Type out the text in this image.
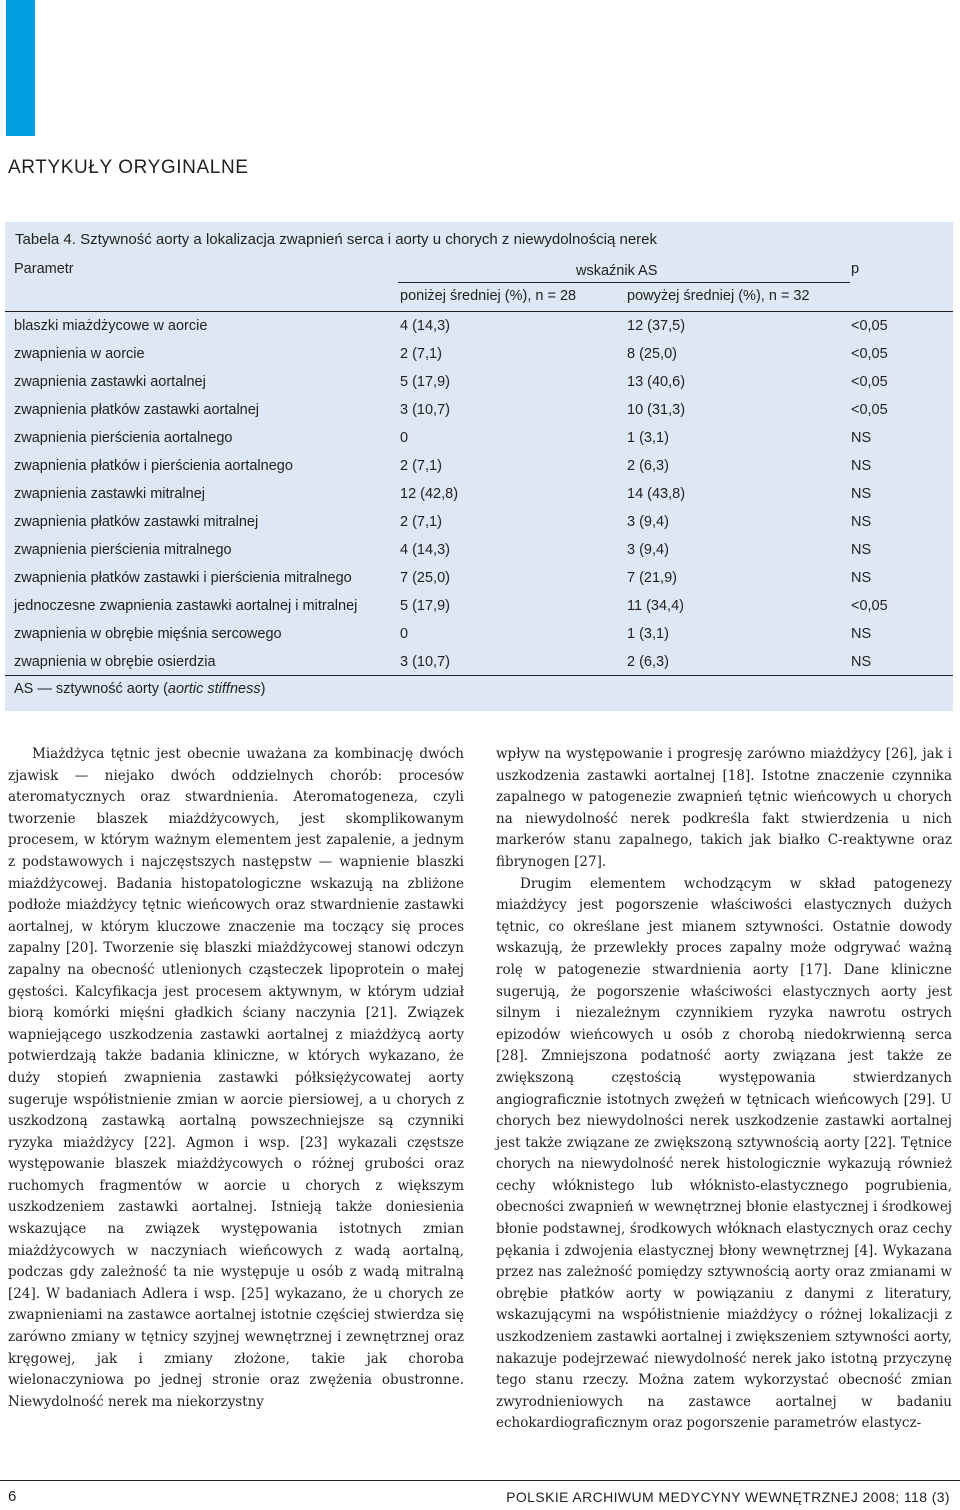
ARTYKUŁY ORYGINALNE
Tabela 4. Sztywność aorty a lokalizacja zwapnień serca i aorty u chorych z niewydolnością nerek
Parametr	wskaźnik AS	p
poniżej średniej (%), n = 28	powyżej średniej (%), n = 32
blaszki miażdżycowe w aorcie	4 (14,3)	12 (37,5)	<0,05
zwapnienia w aorcie	2 (7,1)	8 (25,0)	<0,05
zwapnienia zastawki aortalnej	5 (17,9)	13 (40,6)	<0,05
zwapnienia płatków zastawki aortalnej	3 (10,7)	10 (31,3)	<0,05
zwapnienia pierścienia aortalnego	0	1 (3,1)	NS
zwapnienia płatków i pierścienia aortalnego	2 (7,1)	2 (6,3)	NS
zwapnienia zastawki mitralnej	12 (42,8)	14 (43,8)	NS
zwapnienia płatków zastawki mitralnej	2 (7,1)	3 (9,4)	NS
zwapnienia pierścienia mitralnego	4 (14,3)	3 (9,4)	NS
zwapnienia płatków zastawki i pierścienia mitralnego	7 (25,0)	7 (21,9)	NS
jednoczesne zwapnienia zastawki aortalnej i mitralnej	5 (17,9)	11 (34,4)	<0,05
zwapnienia w obrębie mięśnia sercowego	0	1 (3,1)	NS
zwapnienia w obrębie osierdzia	3 (10,7)	2 (6,3)	NS
AS — sztywność aorty (aortic stiffness)

Miażdżyca tętnic jest obecnie uważana za kombinację dwóch zjawisk — niejako dwóch oddzielnych chorób: procesów ateromatycznych oraz stwardnienia. Ateromatogeneza, czyli tworzenie blaszek miażdżycowych, jest skomplikowanym procesem, w którym ważnym elementem jest zapalenie, a jednym z podstawowych i najczęstszych następstw — wapnienie blaszki miażdżycowej. Badania histopatologiczne wskazują na zbliżone podłoże miażdżycy tętnic wieńcowych oraz stwardnienie zastawki aortalnej, w którym kluczowe znaczenie ma toczący się proces zapalny [20]. Tworzenie się blaszki miażdżycowej stanowi odczyn zapalny na obecność utlenionych cząsteczek lipoprotein o małej gęstości. Kalcyfikacja jest procesem aktywnym, w którym udział biorą komórki mięśni gładkich ściany naczynia [21]. Związek wapniejącego uszkodzenia zastawki aortalnej z miażdżycą aorty potwierdzają także badania kliniczne, w których wykazano, że duży stopień zwapnienia zastawki półksiężycowatej aorty sugeruje współistnienie zmian w aorcie piersiowej, a u chorych z uszkodzoną zastawką aortalną powszechniejsze są czynniki ryzyka miażdżycy [22]. Agmon i wsp. [23] wykazali częstsze występowanie blaszek miażdżycowych o różnej grubości oraz ruchomych fragmentów w aorcie u chorych z większym uszkodzeniem zastawki aortalnej. Istnieją także doniesienia wskazujące na związek występowania istotnych zmian miażdżycowych w naczyniach wieńcowych z wadą aortalną, podczas gdy zależność ta nie występuje u osób z wadą mitralną [24]. W badaniach Adlera i wsp. [25] wykazano, że u chorych ze zwapnieniami na zastawce aortalnej istotnie częściej stwierdza się zarówno zmiany w tętnicy szyjnej wewnętrznej i zewnętrznej oraz kręgowej, jak i zmiany złożone, takie jak choroba wielonaczyniowa po jednej stronie oraz zwężenia obustronne. Niewydolność nerek ma niekorzystny

wpływ na występowanie i progresję zarówno miażdżycy [26], jak i uszkodzenia zastawki aortalnej [18]. Istotne znaczenie czynnika zapalnego w patogenezie zwapnień tętnic wieńcowych u chorych na niewydolność nerek podkreśla fakt stwierdzenia u nich markerów stanu zapalnego, takich jak białko C-reaktywne oraz fibrynogen [27].

Drugim elementem wchodzącym w skład patogenezy miażdżycy jest pogorszenie właściwości elastycznych dużych tętnic, co określane jest mianem sztywności. Ostatnie dowody wskazują, że przewlekły proces zapalny może odgrywać ważną rolę w patogenezie stwardnienia aorty [17]. Dane kliniczne sugerują, że pogorszenie właściwości elastycznych aorty jest silnym i niezależnym czynnikiem ryzyka nawrotu ostrych epizodów wieńcowych u osób z chorobą niedokrwienną serca [28]. Zmniejszona podatność aorty związana jest także ze zwiększoną częstością występowania stwierdzanych angiograficznie istotnych zwężeń w tętnicach wieńcowych [29]. U chorych bez niewydolności nerek uszkodzenie zastawki aortalnej jest także związane ze zwiększoną sztywnością aorty [22]. Tętnice chorych na niewydolność nerek histologicznie wykazują również cechy włóknistego lub włóknisto-elastycznego pogrubienia, obecności zwapnień w wewnętrznej błonie elastycznej i środkowej błonie podstawnej, środkowych włóknach elastycznych oraz cechy pękania i zdwojenia elastycznej błony wewnętrznej [4]. Wykazana przez nas zależność pomiędzy sztywnością aorty oraz zmianami w obrębie płatków aorty w powiązaniu z danymi z literatury, wskazującymi na współistnienie miażdżycy o różnej lokalizacji z uszkodzeniem zastawki aortalnej i zwiększeniem sztywności aorty, nakazuje podejrzewać niewydolność nerek jako istotną przyczynę tego stanu rzeczy. Można zatem wykorzystać obecność zmian zwyrodnieniowych na zastawce aortalnej w badaniu echokardiograficznym oraz pogorszenie parametrów elastycz-

6	POLSKIE ARCHIWUM MEDYCYNY WEWNĘTRZNEJ 2008; 118 (3)
